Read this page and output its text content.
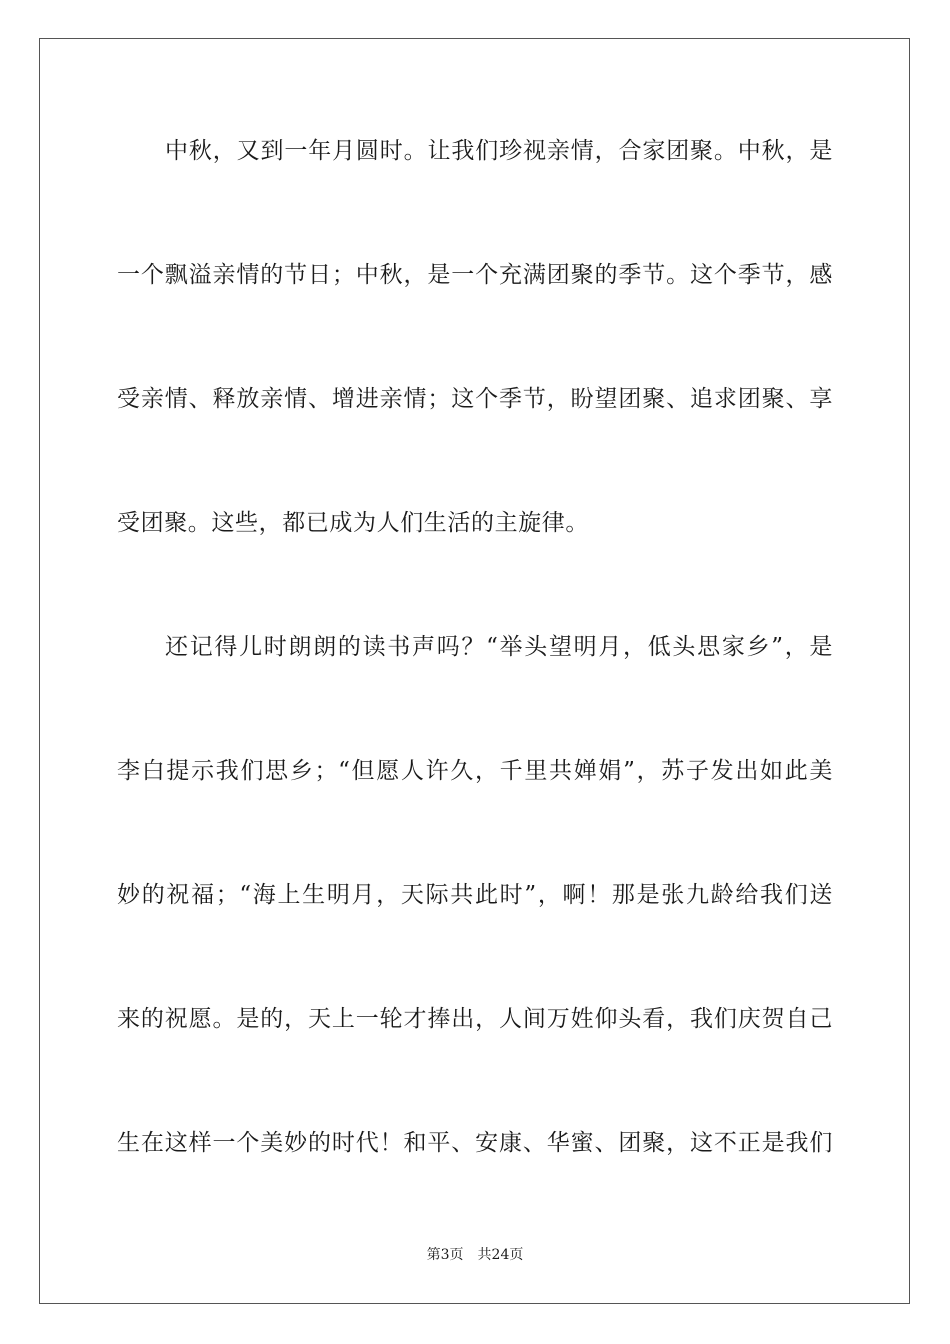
中秋，又到一年月圆时。让我们珍视亲情，合家团聚。中秋，是
一个飘溢亲情的节日；中秋，是一个充满团聚的季节。这个季节，感
受亲情、释放亲情、增进亲情；这个季节，盼望团聚、追求团聚、享
受团聚。这些，都已成为人们生活的主旋律。
还记得儿时朗朗的读书声吗？“举头望明月，低头思家乡”，是
李白提示我们思乡；“但愿人许久，千里共婵娟”，苏子发出如此美
妙的祝福；“海上生明月，天际共此时”，啊！那是张九龄给我们送
来的祝愿。是的，天上一轮才捧出，人间万姓仰头看，我们庆贺自己
生在这样一个美妙的时代！和平、安康、华蜜、团聚，这不正是我们
第3页 共24页
